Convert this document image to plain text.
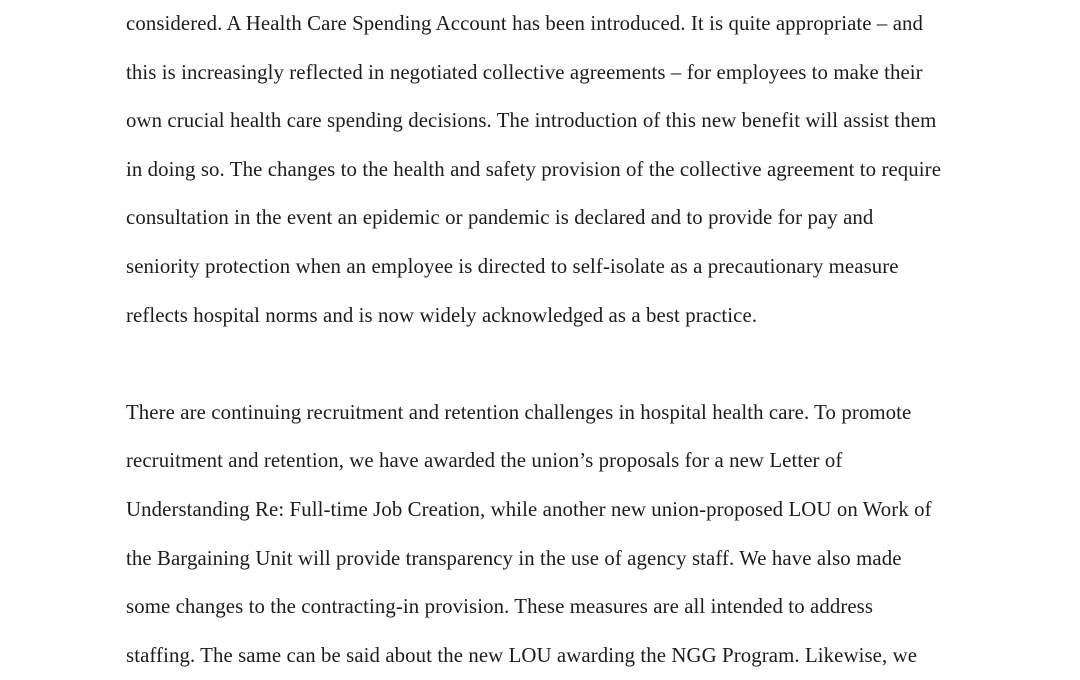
considered. A Health Care Spending Account has been introduced. It is quite appropriate – and
this is increasingly reflected in negotiated collective agreements – for employees to make their
own crucial health care spending decisions. The introduction of this new benefit will assist them
in doing so. The changes to the health and safety provision of the collective agreement to require
consultation in the event an epidemic or pandemic is declared and to provide for pay and
seniority protection when an employee is directed to self-isolate as a precautionary measure
reflects hospital norms and is now widely acknowledged as a best practice.
There are continuing recruitment and retention challenges in hospital health care. To promote
recruitment and retention, we have awarded the union’s proposals for a new Letter of
Understanding Re: Full-time Job Creation, while another new union-proposed LOU on Work of
the Bargaining Unit will provide transparency in the use of agency staff. We have also made
some changes to the contracting-in provision. These measures are all intended to address
staffing. The same can be said about the new LOU awarding the NGG Program. Likewise, we
